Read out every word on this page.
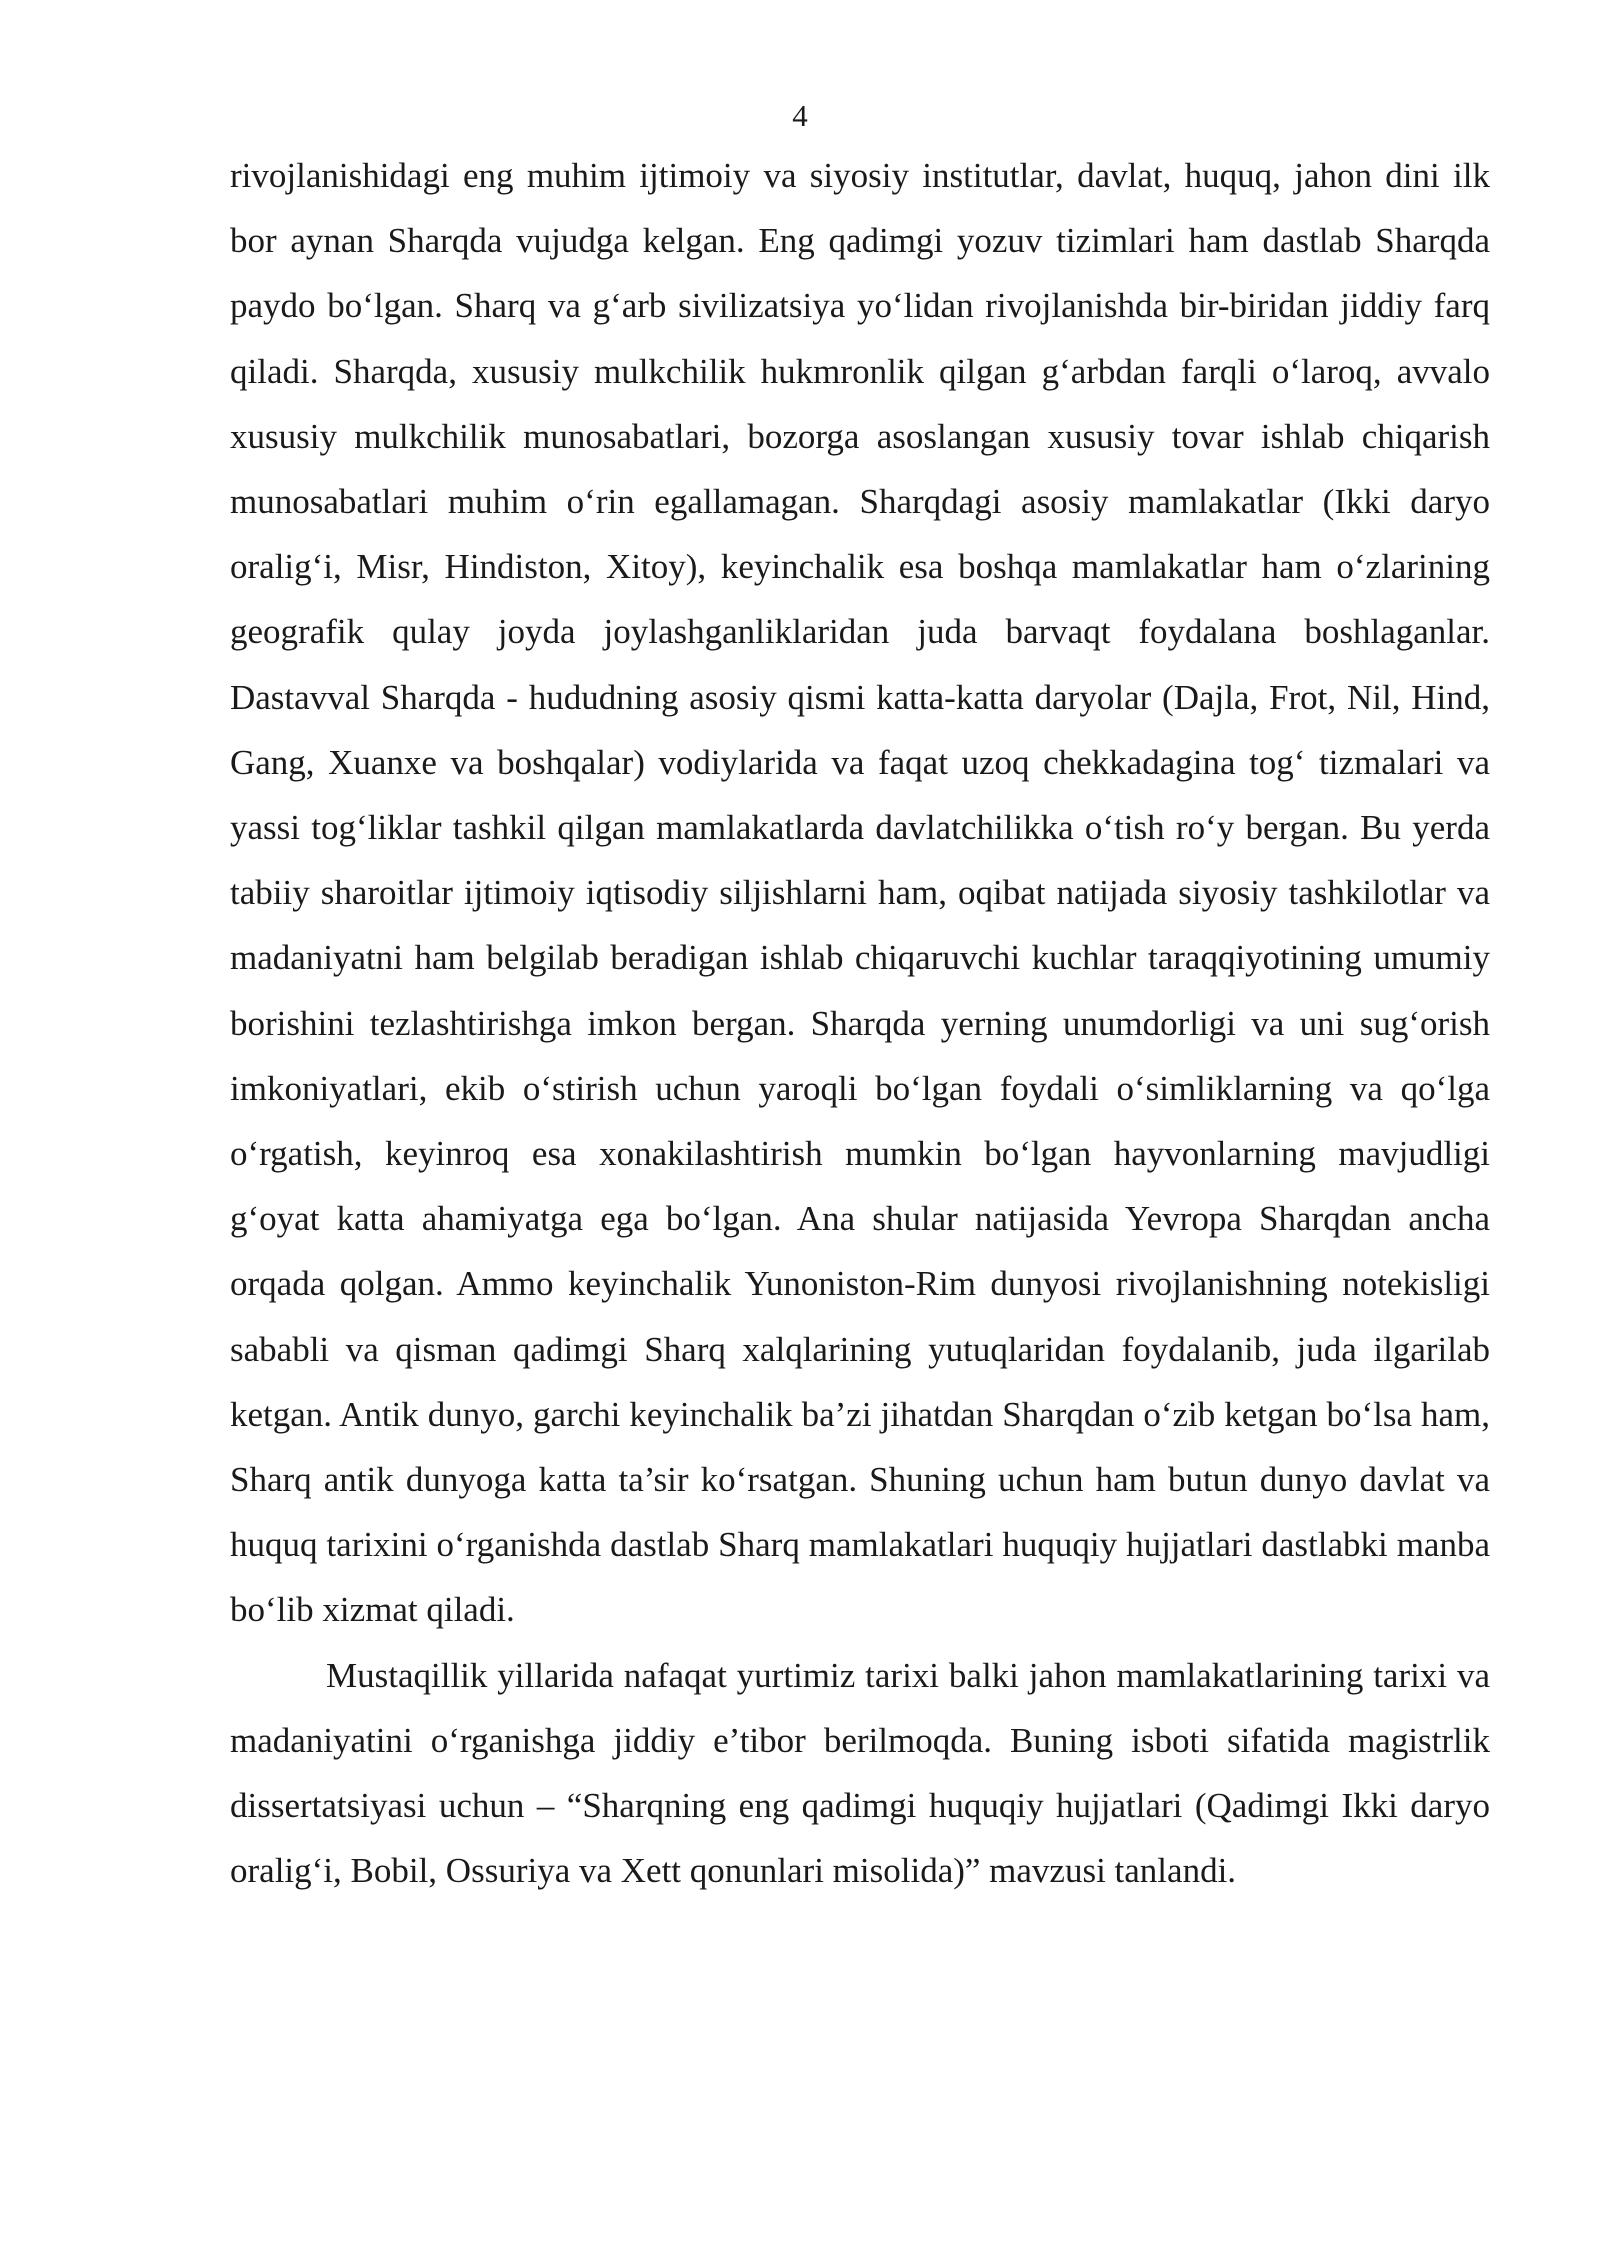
4

rivojlanishidagi eng muhim ijtimoiy va siyosiy institutlar, davlat, huquq, jahon dini ilk bor aynan Sharqda vujudga kelgan. Eng qadimgi yozuv tizimlari ham dastlab Sharqda paydo bo‘lgan. Sharq va g‘arb sivilizatsiya yo‘lidan rivojlanishda bir-biridan jiddiy farq qiladi. Sharqda, xususiy mulkchilik hukmronlik qilgan g‘arbdan farqli o‘laroq, avvalo xususiy mulkchilik munosabatlari, bozorga asoslangan xususiy tovar ishlab chiqarish munosabatlari muhim o‘rin egallamagan. Sharqdagi asosiy mamlakatlar (Ikki daryo oralig‘i, Misr, Hindiston, Xitoy), keyinchalik esa boshqa mamlakatlar ham o‘zlarining geografik qulay joyda joylashganliklaridan juda barvaqt foydalana boshlaganlar. Dastavval Sharqda - hududning asosiy qismi katta-katta daryolar (Dajla, Frot, Nil, Hind, Gang, Xuanxe va boshqalar) vodiylarida va faqat uzoq chekkadagina tog‘ tizmalari va yassi tog‘liklar tashkil qilgan mamlakatlarda davlatchilikka o‘tish ro‘y bergan. Bu yerda tabiiy sharoitlar ijtimoiy iqtisodiy siljishlarni ham, oqibat natijada siyosiy tashkilotlar va madaniyatni ham belgilab beradigan ishlab chiqaruvchi kuchlar taraqqiyotining umumiy borishini tezlashtirishga imkon bergan. Sharqda yerning unumdorligi va uni sug‘orish imkoniyatlari, ekib o‘stirish uchun yaroqli bo‘lgan foydali o‘simliklarning va qo‘lga o‘rgatish, keyinroq esa xonakilashtirish mumkin bo‘lgan hayvonlarning mavjudligi g‘oyat katta ahamiyatga ega bo‘lgan. Ana shular natijasida Yevropa Sharqdan ancha orqada qolgan. Ammo keyinchalik Yunoniston-Rim dunyosi rivojlanishning notekisligi sababli va qisman qadimgi Sharq xalqlarining yutuqlaridan foydalanib, juda ilgarilab ketgan. Antik dunyo, garchi keyinchalik ba’zi jihatdan Sharqdan o‘zib ketgan bo‘lsa ham, Sharq antik dunyoga katta ta’sir ko‘rsatgan. Shuning uchun ham butun dunyo davlat va huquq tarixini o‘rganishda dastlab Sharq mamlakatlari huquqiy hujjatlari dastlabki manba bo‘lib xizmat qiladi.

Mustaqillik yillarida nafaqat yurtimiz tarixi balki jahon mamlakatlarining tarixi va madaniyatini o‘rganishga jiddiy e’tibor berilmoqda. Buning isboti sifatida magistrlik dissertatsiyasi uchun – “Sharqning eng qadimgi huquqiy hujjatlari (Qadimgi Ikki daryo oralig‘i, Bobil, Ossuriya va Xett qonunlari misolida)” mavzusi tanlandi.
